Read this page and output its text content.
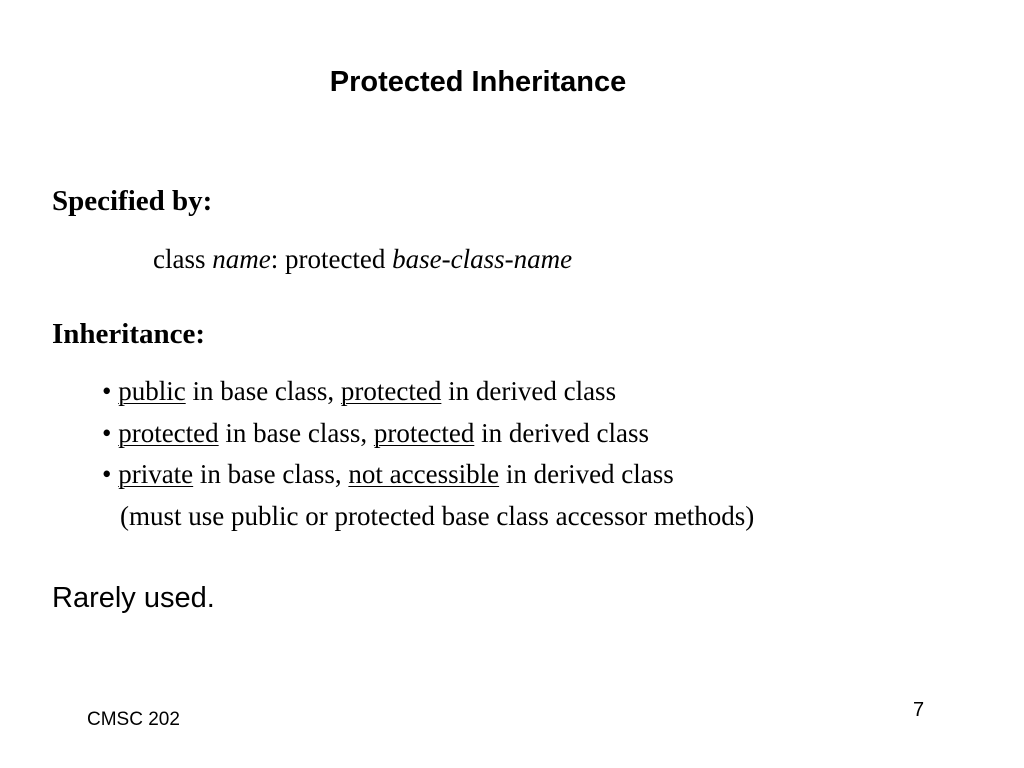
Protected Inheritance
Specified by:
class name: protected base-class-name
Inheritance:
• public in base class, protected in derived class
• protected in base class, protected in derived class
• private in base class, not accessible in derived class
(must use public or protected base class accessor methods)
Rarely used.
CMSC 202	7
